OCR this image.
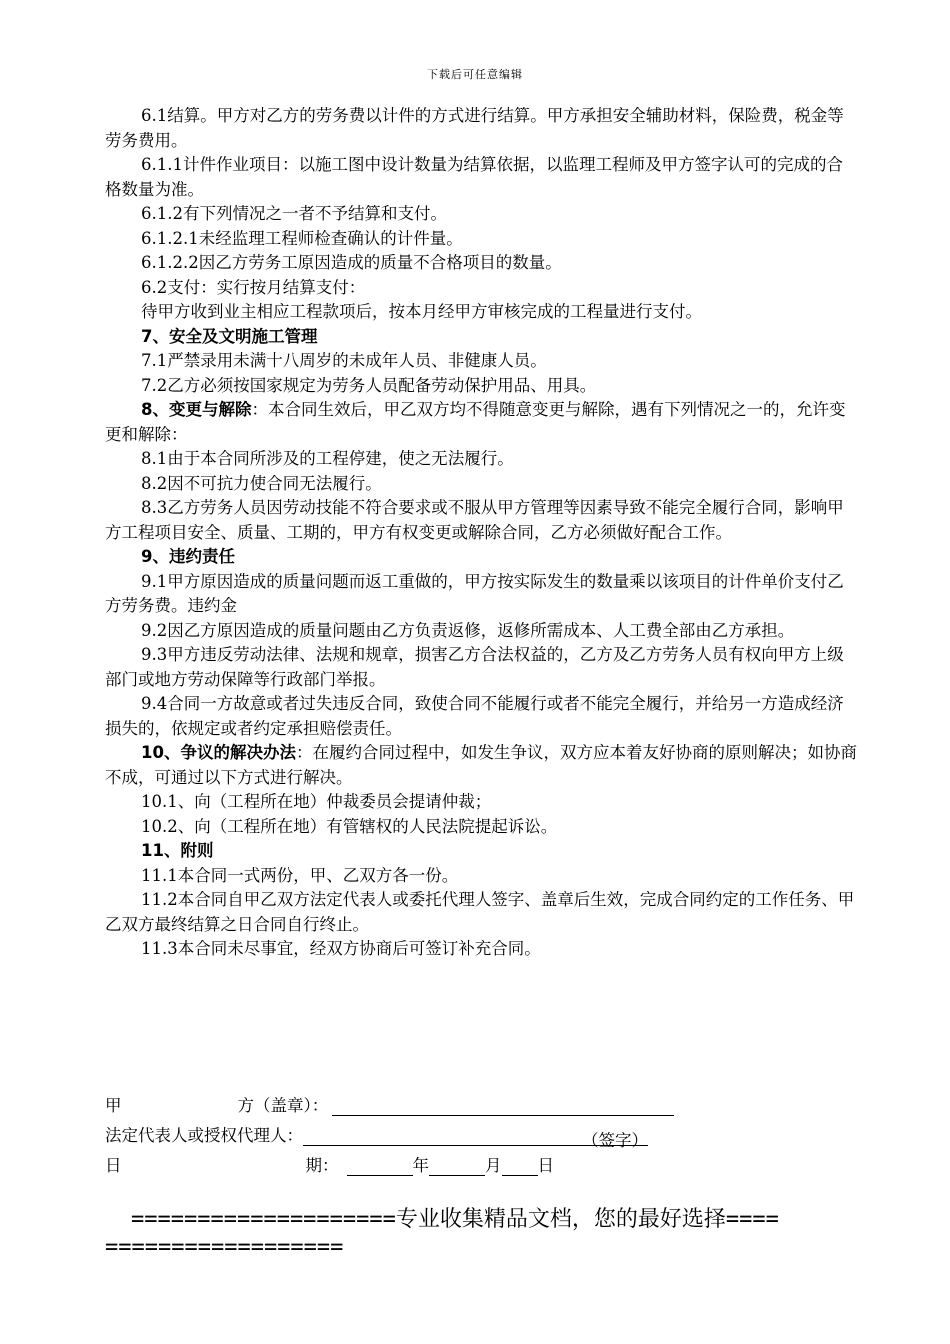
下载后可任意编辑

6.1结算。甲方对乙方的劳务费以计件的方式进行结算。甲方承担安全辅助材料，保险费，税金等劳务费用。

6.1.1计件作业项目：以施工图中设计数量为结算依据，以监理工程师及甲方签字认可的完成的合格数量为准。

6.1.2有下列情况之一者不予结算和支付。

6.1.2.1未经监理工程师检查确认的计件量。

6.1.2.2因乙方劳务工原因造成的质量不合格项目的数量。

6.2支付：实行按月结算支付：

待甲方收到业主相应工程款项后，按本月经甲方审核完成的工程量进行支付。

7、安全及文明施工管理

7.1严禁录用未满十八周岁的未成年人员、非健康人员。

7.2乙方必须按国家规定为劳务人员配备劳动保护用品、用具。

8、变更与解除：本合同生效后，甲乙双方均不得随意变更与解除，遇有下列情况之一的，允许变更和解除：

8.1由于本合同所涉及的工程停建，使之无法履行。

8.2因不可抗力使合同无法履行。

8.3乙方劳务人员因劳动技能不符合要求或不服从甲方管理等因素导致不能完全履行合同，影响甲方工程项目安全、质量、工期的，甲方有权变更或解除合同，乙方必须做好配合工作。

9、违约责任

9.1甲方原因造成的质量问题而返工重做的，甲方按实际发生的数量乘以该项目的计件单价支付乙方劳务费。违约金

9.2因乙方原因造成的质量问题由乙方负责返修，返修所需成本、人工费全部由乙方承担。

9.3甲方违反劳动法律、法规和规章，损害乙方合法权益的，乙方及乙方劳务人员有权向甲方上级部门或地方劳动保障等行政部门举报。

9.4合同一方故意或者过失违反合同，致使合同不能履行或者不能完全履行，并给另一方造成经济损失的，依规定或者约定承担赔偿责任。

10、争议的解决办法：在履约合同过程中，如发生争议，双方应本着友好协商的原则解决；如协商不成，可通过以下方式进行解决。

10.1、向（工程所在地）仲裁委员会提请仲裁；

10.2、向（工程所在地）有管辖权的人民法院提起诉讼。

11、附则

11.1本合同一式两份，甲、乙双方各一份。

11.2本合同自甲乙双方法定代表人或委托代理人签字、盖章后生效，完成合同约定的工作任务、甲乙双方最终结算之日合同自行终止。

11.3本合同未尽事宜，经双方协商后可签订补充合同。

甲	方（盖章）：
法定代表人或授权代理人：	（签字）
日	期：	年	月 日
====================专业收集精品文档，您的最好选择====
==================
